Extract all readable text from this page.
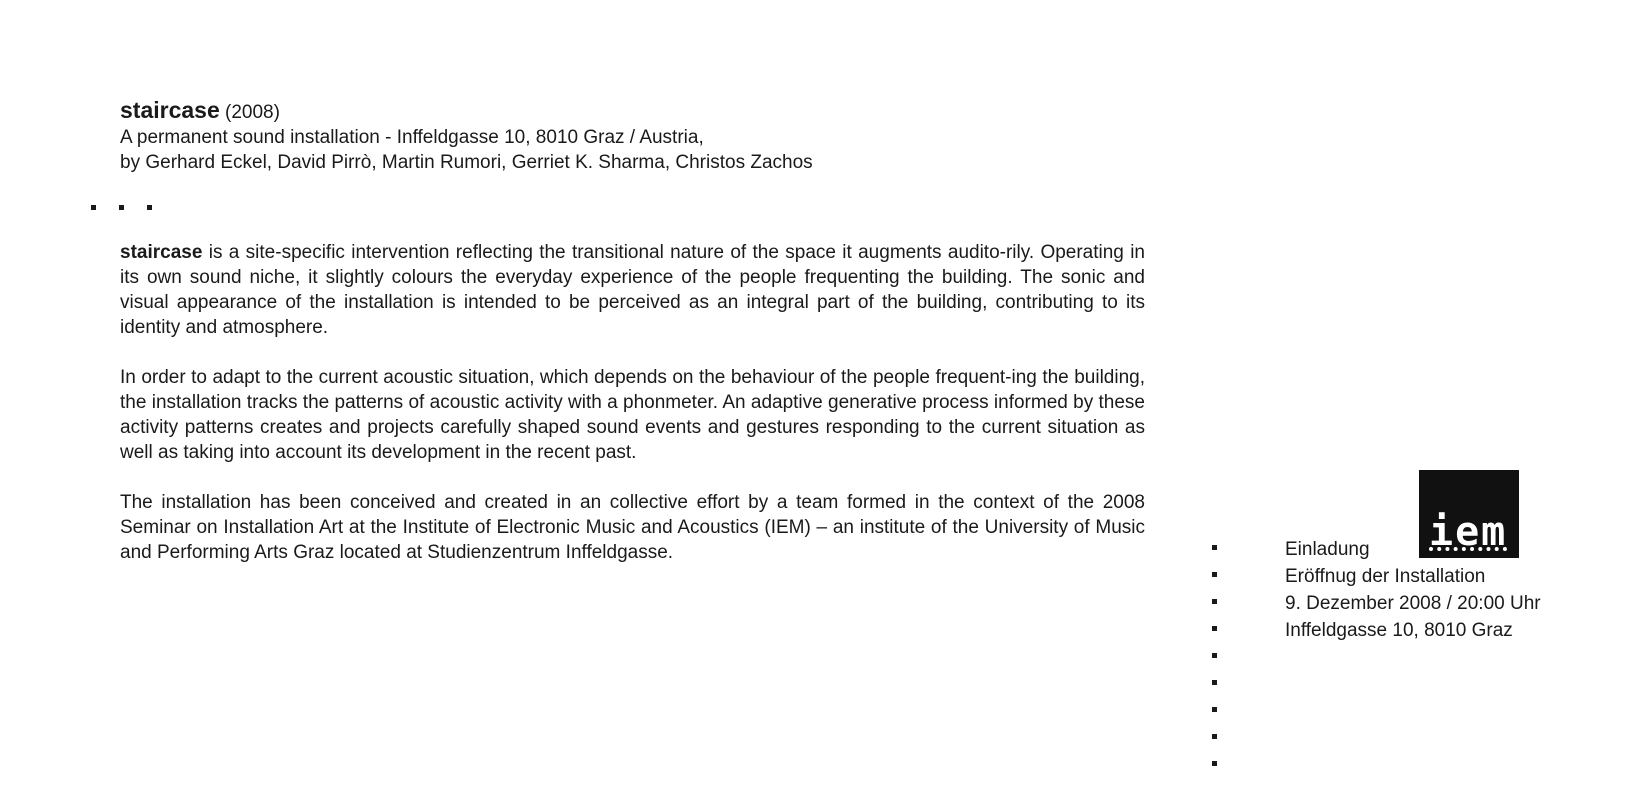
staircase (2008)

A permanent sound installation - Inffeldgasse 10, 8010 Graz / Austria,

by Gerhard Eckel, David Pirrò, Martin Rumori, Gerriet K. Sharma, Christos Zachos

staircase is a site-specific intervention reflecting the transitional nature of the space it augments audito-rily. Operating in its own sound niche, it slightly colours the everyday experience of the people frequenting the building. The sonic and visual appearance of the installation is intended to be perceived as an integral part of the building, contributing to its identity and atmosphere.

In order to adapt to the current acoustic situation, which depends on the behaviour of the people frequent-ing the building, the installation tracks the patterns of acoustic activity with a phonmeter. An adaptive generative process informed by these activity patterns creates and projects carefully shaped sound events and gestures responding to the current situation as well as taking into account its development in the recent past.

The installation has been conceived and created in an collective effort by a team formed in the context of the 2008 Seminar on Installation Art at the Institute of Electronic Music and Acoustics (IEM) – an institute of the University of Music and Performing Arts Graz located at Studienzentrum Inffeldgasse.	iem
Einladung
Eröffnug der Installation
9. Dezember 2008 / 20:00 Uhr
Inffeldgasse 10, 8010 Graz
